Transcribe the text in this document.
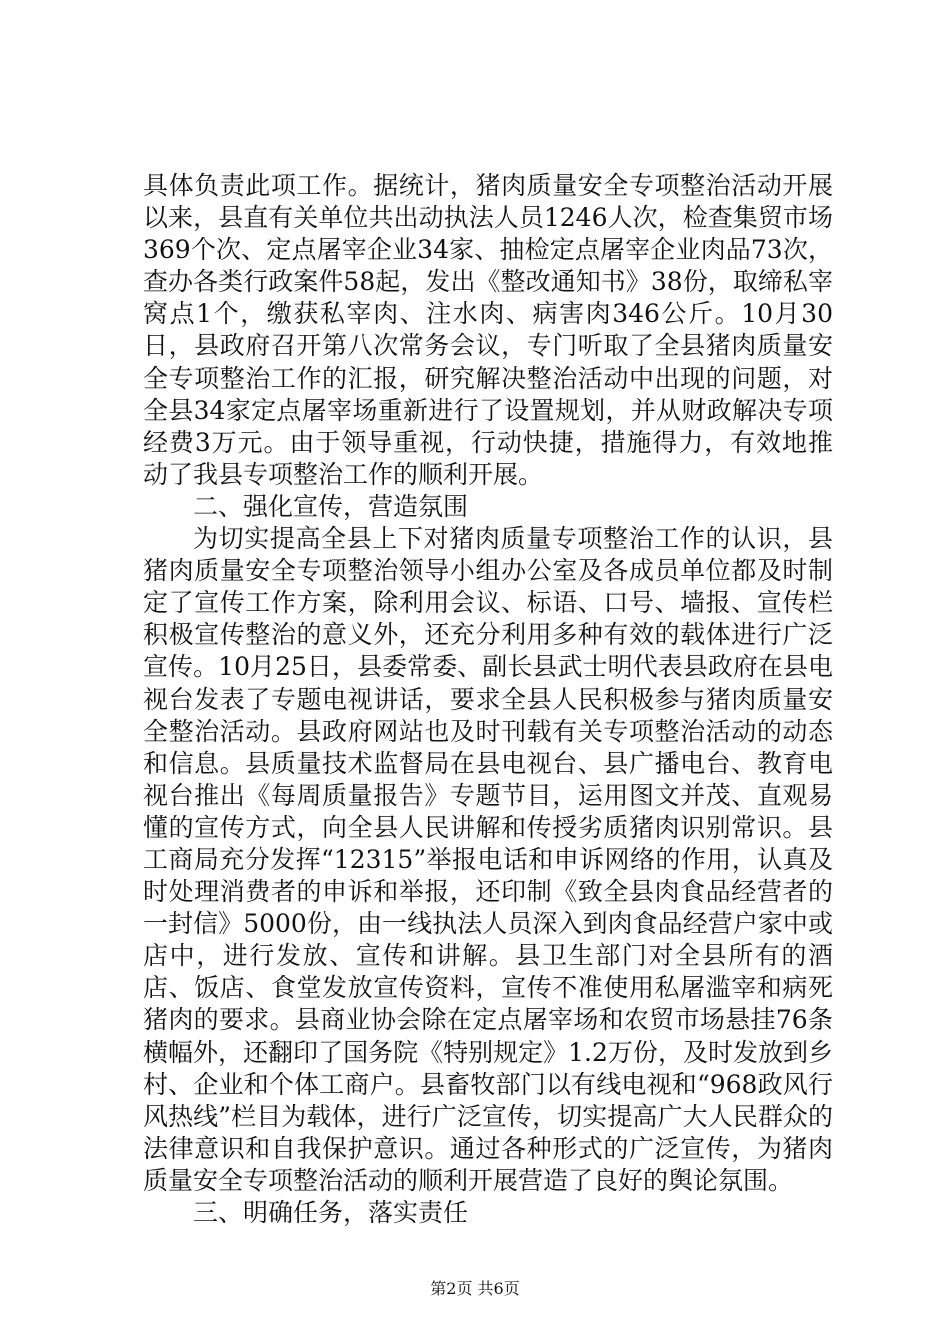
具体负责此项工作。据统计，猪肉质量安全专项整治活动开展以来，县直有关单位共出动执法人员1246人次，检查集贸市场369个次、定点屠宰企业34家、抽检定点屠宰企业肉品73次，查办各类行政案件58起，发出《整改通知书》38份，取缔私宰窝点1个，缴获私宰肉、注水肉、病害肉346公斤。10月30日，县政府召开第八次常务会议，专门听取了全县猪肉质量安全专项整治工作的汇报，研究解决整治活动中出现的问题，对全县34家定点屠宰场重新进行了设置规划，并从财政解决专项经费3万元。由于领导重视，行动快捷，措施得力，有效地推动了我县专项整治工作的顺利开展。

二、强化宣传，营造氛围

为切实提高全县上下对猪肉质量专项整治工作的认识，县猪肉质量安全专项整治领导小组办公室及各成员单位都及时制定了宣传工作方案，除利用会议、标语、口号、墙报、宣传栏积极宣传整治的意义外，还充分利用多种有效的载体进行广泛宣传。10月25日，县委常委、副长县武士明代表县政府在县电视台发表了专题电视讲话，要求全县人民积极参与猪肉质量安全整治活动。县政府网站也及时刊载有关专项整治活动的动态和信息。县质量技术监督局在县电视台、县广播电台、教育电视台推出《每周质量报告》专题节目，运用图文并茂、直观易懂的宣传方式，向全县人民讲解和传授劣质猪肉识别常识。县工商局充分发挥“12315”举报电话和申诉网络的作用，认真及时处理消费者的申诉和举报，还印制《致全县肉食品经营者的一封信》5000份，由一线执法人员深入到肉食品经营户家中或店中，进行发放、宣传和讲解。县卫生部门对全县所有的酒店、饭店、食堂发放宣传资料，宣传不准使用私屠滥宰和病死猪肉的要求。县商业协会除在定点屠宰场和农贸市场悬挂76条横幅外，还翻印了国务院《特别规定》1.2万份，及时发放到乡村、企业和个体工商户。县畜牧部门以有线电视和“968政风行风热线”栏目为载体，进行广泛宣传，切实提高广大人民群众的法律意识和自我保护意识。通过各种形式的广泛宣传，为猪肉质量安全专项整治活动的顺利开展营造了良好的舆论氛围。

三、明确任务，落实责任

第2页 共6页
